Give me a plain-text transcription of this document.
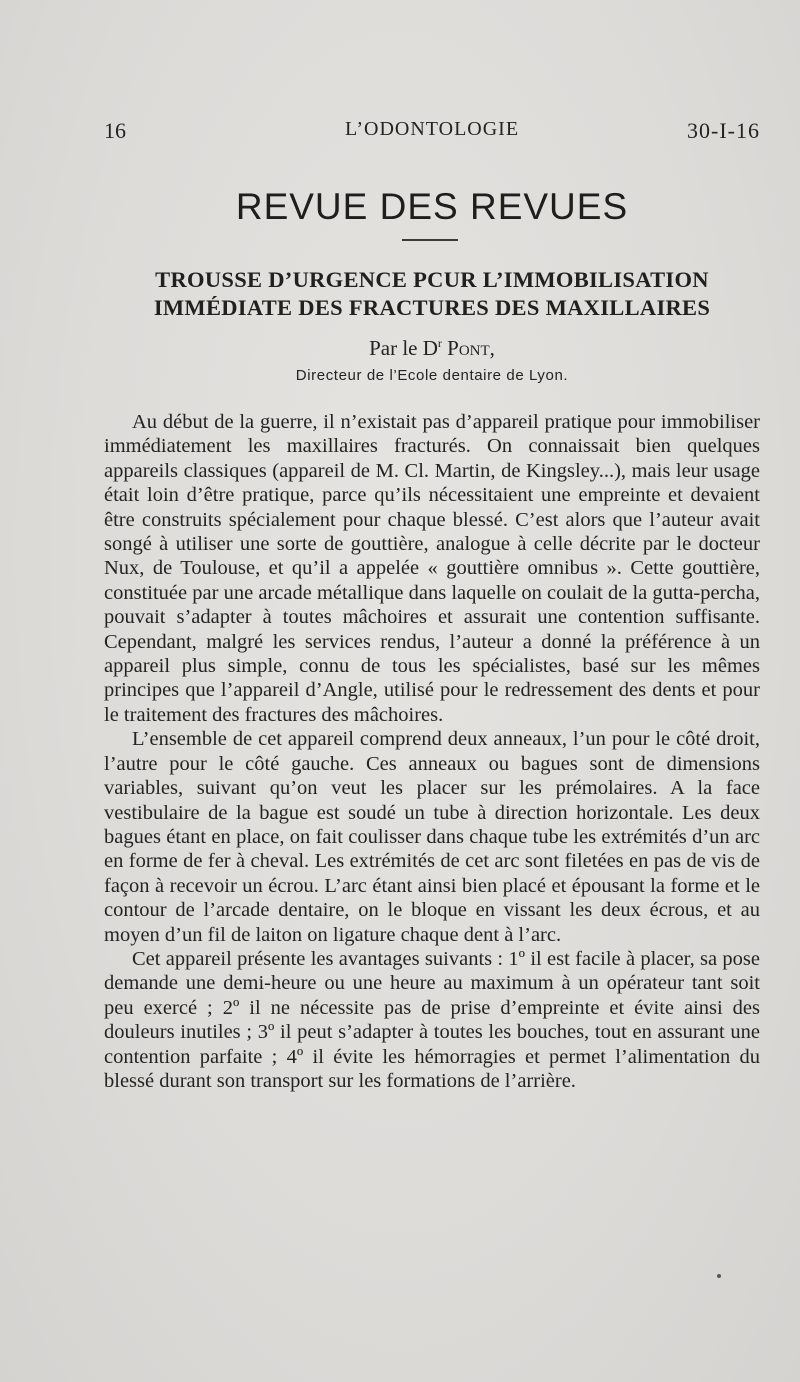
16	L’ODONTOLOGIE	30-I-16
REVUE DES REVUES
TROUSSE D’URGENCE PCUR L’IMMOBILISATION
IMMÉDIATE DES FRACTURES DES MAXILLAIRES
Par le $D^r$ Pont,
Directeur de l’Ecole dentaire de Lyon.

Au début de la guerre, il n’existait pas d’appareil pratique pour immobiliser immédiatement les maxillaires fracturés. On connaissait bien quelques appareils classiques (appareil de M. Cl. Martin, de Kingsley...), mais leur usage était loin d’être pratique, parce qu’ils nécessitaient une empreinte et devaient être construits spécialement pour chaque blessé. C’est alors que l’auteur avait songé à utiliser une sorte de gouttière, analogue à celle décrite par le docteur Nux, de Toulouse, et qu’il a appelée « gouttière omnibus ». Cette gouttière, constituée par une arcade métallique dans laquelle on coulait de la gutta-percha, pouvait s’adapter à toutes mâchoires et assurait une contention suffisante. Cependant, malgré les services rendus, l’auteur a donné la préférence à un appareil plus simple, connu de tous les spécialistes, basé sur les mêmes principes que l’appareil d’Angle, utilisé pour le redressement des dents et pour le traitement des fractures des mâchoires.

L’ensemble de cet appareil comprend deux anneaux, l’un pour le côté droit, l’autre pour le côté gauche. Ces anneaux ou bagues sont de dimensions variables, suivant qu’on veut les placer sur les prémolaires. A la face vestibulaire de la bague est soudé un tube à direction horizontale. Les deux bagues étant en place, on fait coulisser dans chaque tube les extrémités d’un arc en forme de fer à cheval. Les extrémités de cet arc sont filetées en pas de vis de façon à recevoir un écrou. L’arc étant ainsi bien placé et épousant la forme et le contour de l’arcade dentaire, on le bloque en vissant les deux écrous, et au moyen d’un fil de laiton on ligature chaque dent à l’arc.

Cet appareil présente les avantages suivants : 1º il est facile à placer, sa pose demande une demi-heure ou une heure au maximum à un opérateur tant soit peu exercé ; 2º il ne nécessite pas de prise d’empreinte et évite ainsi des douleurs inutiles ; 3º il peut s’adapter à toutes les bouches, tout en assurant une contention parfaite ; 4º il évite les hémorragies et permet l’alimentation du blessé durant son transport sur les formations de l’arrière.
